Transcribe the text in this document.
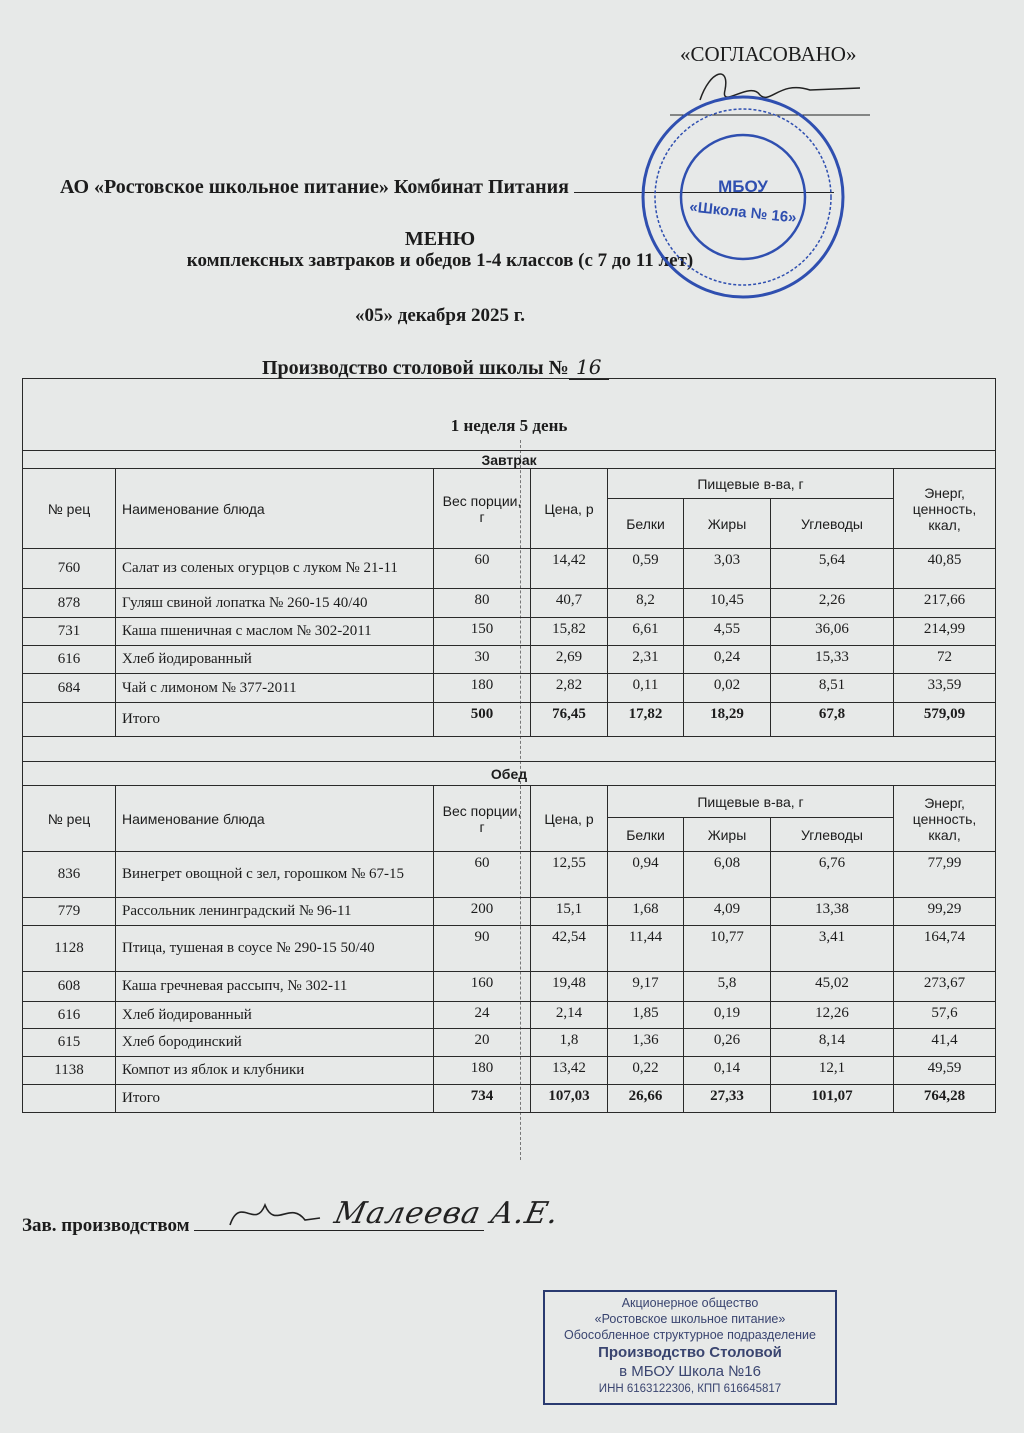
«СОГЛАСОВАНО»
АО «Ростовское школьное питание» Комбинат Питания
МЕНЮ
комплексных завтраков и обедов 1-4 классов (с 7 до 11 лет)
«05» декабря 2025 г.
Производство столовой школы № 16
МБОУ
«Школа № 16»
1 неделя 5 день							
Завтрак							
№ рец	Наименование блюда	Вес порции, г	Цена, р	Пищевые в-ва, г			Энерг, ценность, ккал,
				Белки	Жиры	Углеводы	
760	Салат из соленых огурцов с луком № 21-11	60	14,42	0,59	3,03	5,64	40,85
878	Гуляш свиной лопатка № 260-15 40/40	80	40,7	8,2	10,45	2,26	217,66
731	Каша пшеничная с маслом № 302-2011	150	15,82	6,61	4,55	36,06	214,99
616	Хлеб йодированный	30	2,69	2,31	0,24	15,33	72
684	Чай с лимоном № 377-2011	180	2,82	0,11	0,02	8,51	33,59
	Итого	500	76,45	17,82	18,29	67,8	579,09

Обед							
№ рец	Наименование блюда	Вес порции, г	Цена, р	Пищевые в-ва, г			Энерг, ценность, ккал,
				Белки	Жиры	Углеводы	
836	Винегрет овощной с зел, горошком № 67-15	60	12,55	0,94	6,08	6,76	77,99
779	Рассольник ленинградский № 96-11	200	15,1	1,68	4,09	13,38	99,29
1128	Птица, тушеная в соусе № 290-15 50/40	90	42,54	11,44	10,77	3,41	164,74
608	Каша гречневая рассыпч, № 302-11	160	19,48	9,17	5,8	45,02	273,67
616	Хлеб йодированный	24	2,14	1,85	0,19	12,26	57,6
615	Хлеб бородинский	20	1,8	1,36	0,26	8,14	41,4
1138	Компот из яблок и клубники	180	13,42	0,22	0,14	12,1	49,59
	Итого	734	107,03	26,66	27,33	101,07	764,28
Зав. производством	Малеева А.Е.
Акционерное общество
«Ростовское школьное питание»
Обособленное структурное подразделение
Производство Столовой
в МБОУ Школа №16
ИНН 6163122306, КПП 616645817
